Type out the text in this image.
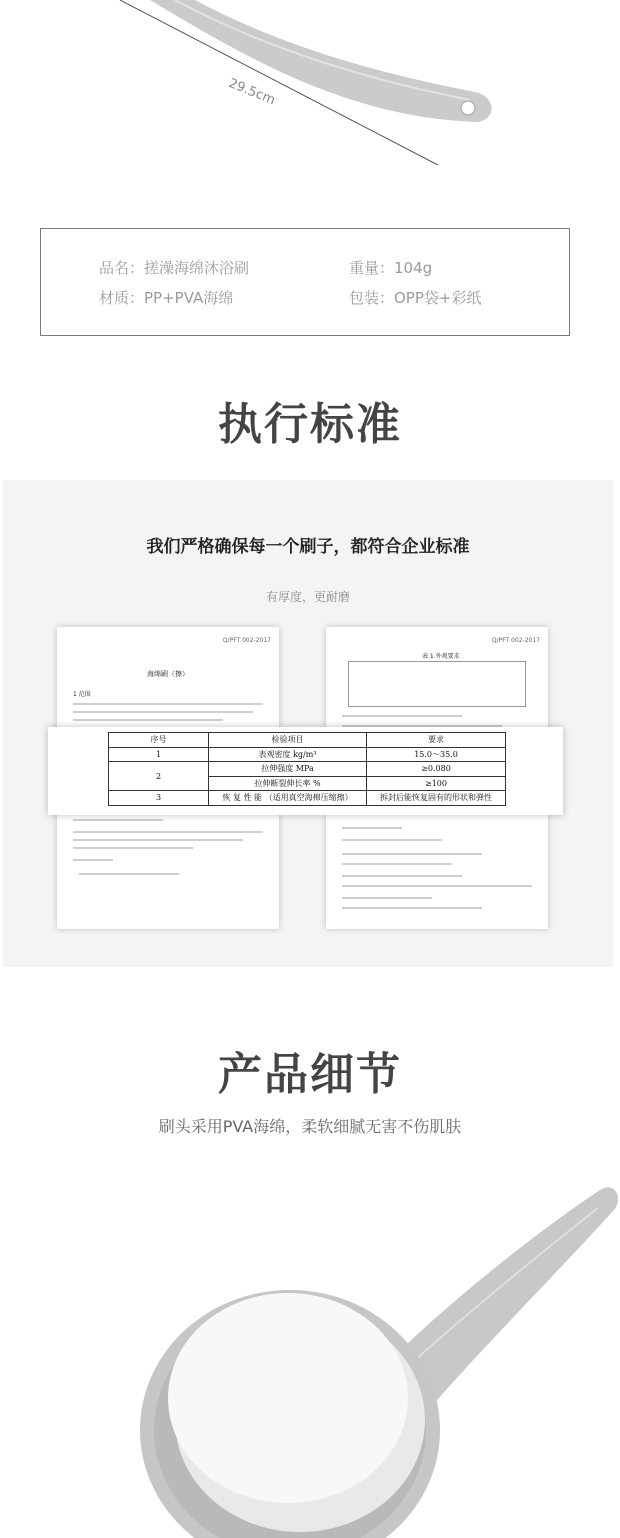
29.5cm
品名：搓澡海绵沐浴刷	重量：104g
材质：PP+PVA海绵	包装：OPP袋+彩纸
执行标准
我们严格确保每一个刷子，都符合企业标准
有厚度，更耐磨
Q/PFT 002-2017
海绵刷（擦）
1 范围
Q/PFT 002-2017
表 1 外观要求
序号	检验项目	要求
1	表观密度 kg/m³	15.0～35.0
2	拉伸强度 MPa	≥0.080
	拉伸断裂伸长率 %	≥100
3	恢 复 性 能 （适用真空海棉压缩擦）	拆封后能恢复固有的形状和弹性
产品细节
刷头采用PVA海绵，柔软细腻无害不伤肌肤
